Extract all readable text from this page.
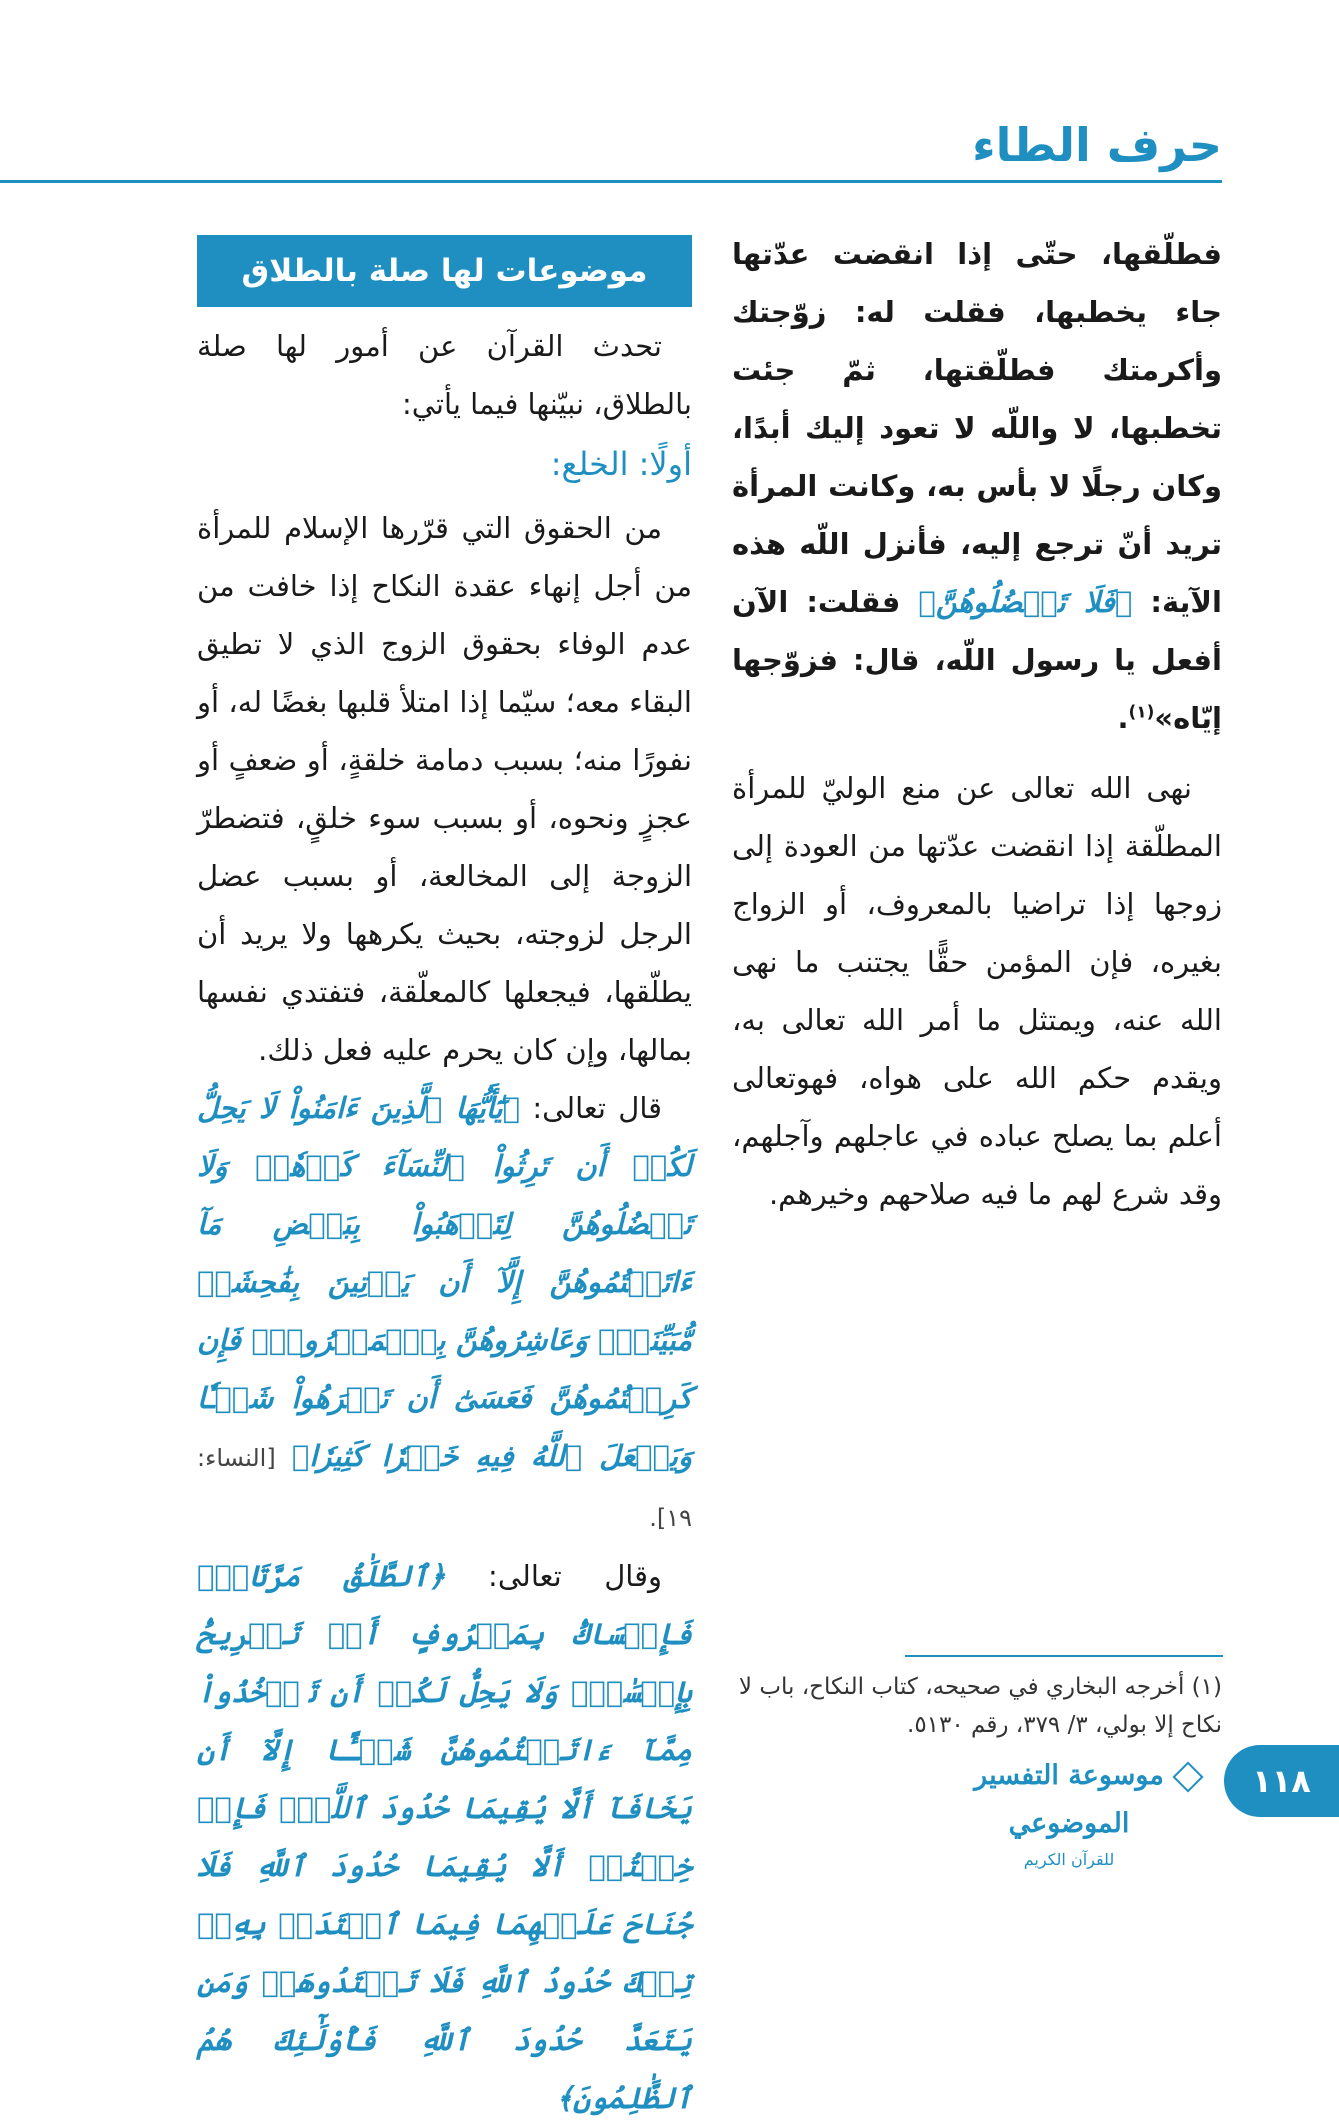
حرف الطاء

فطلّقها، حتّى إذا انقضت عدّتها جاء يخطبها، فقلت له: زوّجتك وأكرمتك فطلّقتها، ثمّ جئت تخطبها، لا واللّه لا تعود إليك أبدًا، وكان رجلًا لا بأس به، وكانت المرأة تريد أنّ ترجع إليه، فأنزل اللّه هذه الآية: ﴿فَلَا تَعۡضُلُوهُنَّ﴾ فقلت: الآن أفعل يا رسول اللّه، قال: فزوّجها إيّاه»$^{(١)}$.

نهى الله تعالى عن منع الوليّ للمرأة المطلّقة إذا انقضت عدّتها من العودة إلى زوجها إذا تراضيا بالمعروف، أو الزواج بغيره، فإن المؤمن حقًّا يجتنب ما نهى الله عنه، ويمتثل ما أمر الله تعالى به، ويقدم حكم الله على هواه، فهوتعالى أعلم بما يصلح عباده في عاجلهم وآجلهم، وقد شرع لهم ما فيه صلاحهم وخيرهم.

موضوعات لها صلة بالطلاق

تحدث القرآن عن أمور لها صلة بالطلاق، نبيّنها فيما يأتي:

أولًا: الخلع:

من الحقوق التي قرّرها الإسلام للمرأة من أجل إنهاء عقدة النكاح إذا خافت من عدم الوفاء بحقوق الزوج الذي لا تطيق البقاء معه؛ سيّما إذا امتلأ قلبها بغضًا له، أو نفورًا منه؛ بسبب دمامة خلقةٍ، أو ضعفٍ أو عجزٍ ونحوه، أو بسبب سوء خلقٍ، فتضطرّ الزوجة إلى المخالعة، أو بسبب عضل الرجل لزوجته، بحيث يكرهها ولا يريد أن يطلّقها، فيجعلها كالمعلّقة، فتفتدي نفسها بمالها، وإن كان يحرم عليه فعل ذلك.

قال تعالى: ﴿يَٰٓأَيُّهَا ٱلَّذِينَ ءَامَنُواْ لَا يَحِلُّ لَكُمۡ أَن تَرِثُواْ ٱلنِّسَآءَ كَرۡهٗاۖ وَلَا تَعۡضُلُوهُنَّ لِتَذۡهَبُواْ بِبَعۡضِ مَآ ءَاتَيۡتُمُوهُنَّ إِلَّآ أَن يَأۡتِينَ بِفَٰحِشَةٖ مُّبَيِّنَةٖۚ وَعَاشِرُوهُنَّ بِٱلۡمَعۡرُوفِۚ فَإِن كَرِهۡتُمُوهُنَّ فَعَسَىٰٓ أَن تَكۡرَهُواْ شَيۡـٔٗا وَيَجۡعَلَ ٱللَّهُ فِيهِ خَيۡرٗا كَثِيرٗا﴾ [النساء: ١٩].

وقال تعالى: ﴿ٱلطَّلَٰقُ مَرَّتَانِۖ فَإِمۡسَاكُۢ بِمَعۡرُوفٍ أَوۡ تَسۡرِيحُۢ بِإِحۡسَٰنٖۗ وَلَا يَحِلُّ لَكُمۡ أَن تَأۡخُذُواْ مِمَّآ ءَاتَيۡتُمُوهُنَّ شَيۡـًٔا إِلَّآ أَن يَخَافَآ أَلَّا يُقِيمَا حُدُودَ ٱللَّهِۖ فَإِنۡ خِفۡتُمۡ أَلَّا يُقِيمَا حُدُودَ ٱللَّهِ فَلَا جُنَاحَ عَلَيۡهِمَا فِيمَا ٱفۡتَدَتۡ بِهِۦۗ تِلۡكَ حُدُودُ ٱللَّهِ فَلَا تَعۡتَدُوهَاۚ وَمَن يَتَعَدَّ حُدُودَ ٱللَّهِ فَأُوْلَٰٓئِكَ هُمُ ٱلظَّٰلِمُونَ﴾

(١) أخرجه البخاري في صحيحه، كتاب النكاح، باب لا نكاح إلا بولي، ٣/ ٣٧٩، رقم ٥١٣٠.
موسوعة التفسير الموضوعي
للقرآن الكريم
١١٨
